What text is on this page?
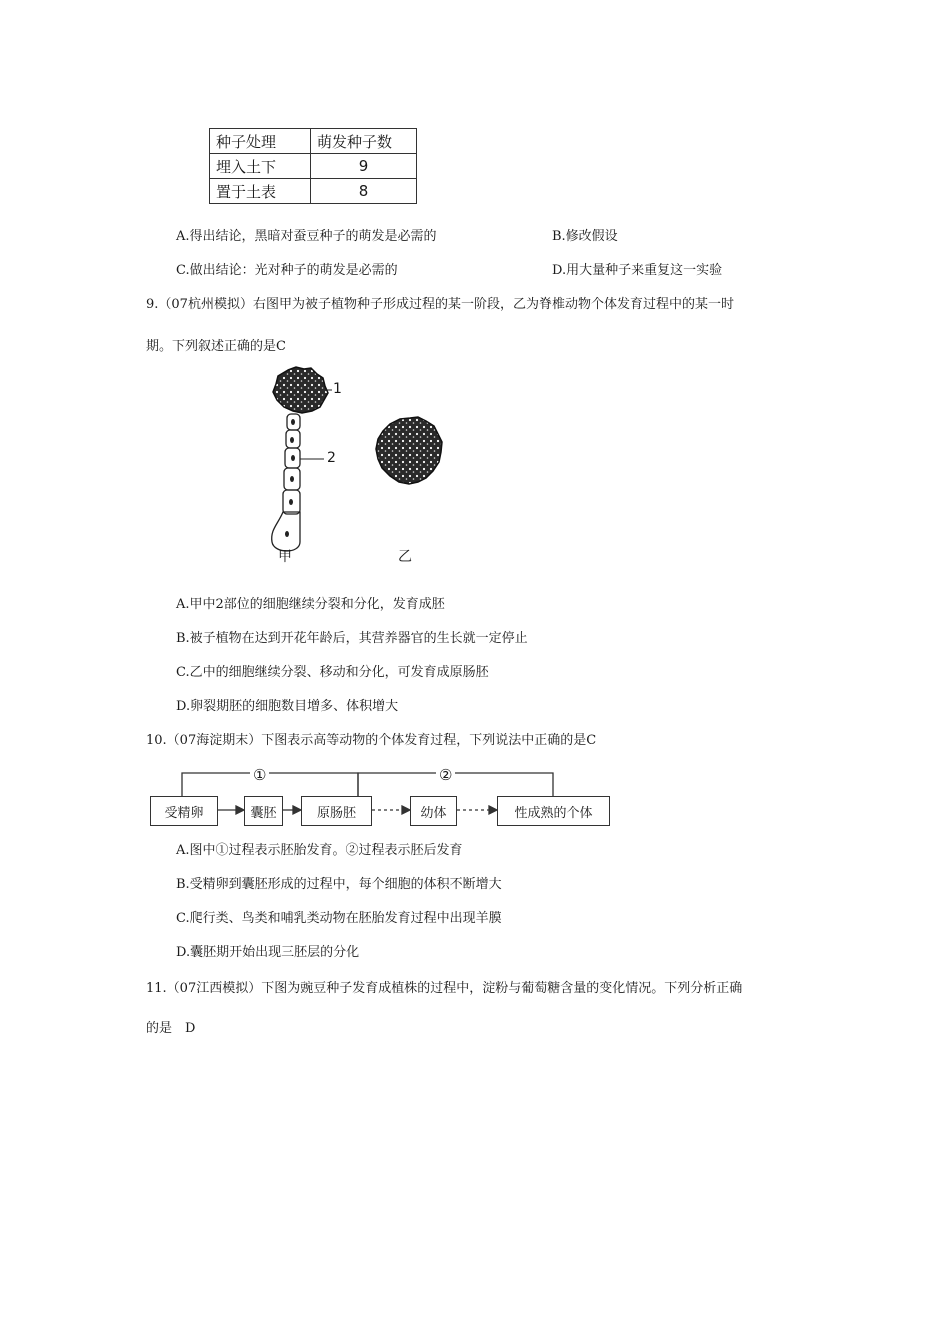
种子处理	萌发种子数
埋入土下	9
置于土表	8
A.得出结论，黑暗对蚕豆种子的萌发是必需的	B.修改假设
C.做出结论：光对种子的萌发是必需的	D.用大量种子来重复这一实验
9.（07杭州模拟）右图甲为被子植物种子形成过程的某一阶段，乙为脊椎动物个体发育过程中的某一时
期。下列叙述正确的是C
1
2
甲	乙
A.甲中2部位的细胞继续分裂和分化，发育成胚
B.被子植物在达到开花年龄后，其营养器官的生长就一定停止
C.乙中的细胞继续分裂、移动和分化，可发育成原肠胚
D.卵裂期胚的细胞数目增多、体积增大
10.（07海淀期末）下图表示高等动物的个体发育过程，下列说法中正确的是C
①	②
受精卵	囊胚	原肠胚	幼体	性成熟的个体
A.图中①过程表示胚胎发育。②过程表示胚后发育
B.受精卵到囊胚形成的过程中，每个细胞的体积不断增大
C.爬行类、鸟类和哺乳类动物在胚胎发育过程中出现羊膜
D.囊胚期开始出现三胚层的分化
11.（07江西模拟）下图为豌豆种子发育成植株的过程中，淀粉与葡萄糖含量的变化情况。下列分析正确
的是　D
